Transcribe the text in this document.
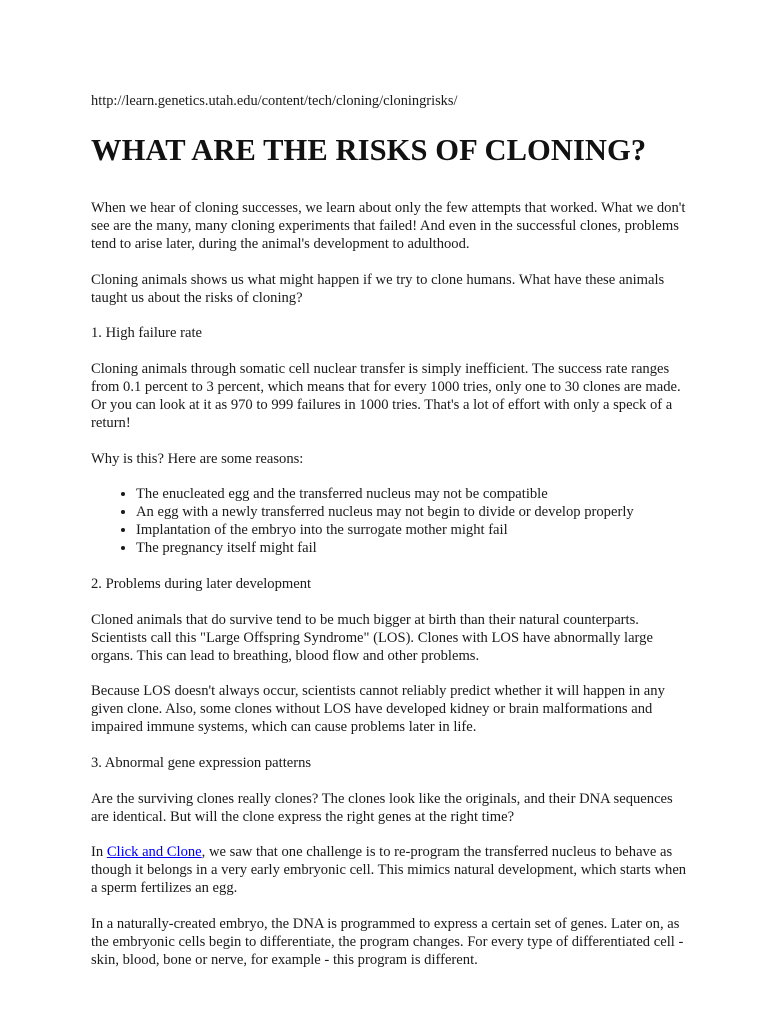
http://learn.genetics.utah.edu/content/tech/cloning/cloningrisks/

WHAT ARE THE RISKS OF CLONING?

When we hear of cloning successes, we learn about only the few attempts that worked. What we don't see are the many, many cloning experiments that failed! And even in the successful clones, problems tend to arise later, during the animal's development to adulthood.

Cloning animals shows us what might happen if we try to clone humans. What have these animals taught us about the risks of cloning?

1. High failure rate

Cloning animals through somatic cell nuclear transfer is simply inefficient. The success rate ranges from 0.1 percent to 3 percent, which means that for every 1000 tries, only one to 30 clones are made. Or you can look at it as 970 to 999 failures in 1000 tries. That's a lot of effort with only a speck of a return!

Why is this? Here are some reasons:

• The enucleated egg and the transferred nucleus may not be compatible
• An egg with a newly transferred nucleus may not begin to divide or develop properly
• Implantation of the embryo into the surrogate mother might fail
• The pregnancy itself might fail

2. Problems during later development

Cloned animals that do survive tend to be much bigger at birth than their natural counterparts. Scientists call this "Large Offspring Syndrome" (LOS). Clones with LOS have abnormally large organs. This can lead to breathing, blood flow and other problems.

Because LOS doesn't always occur, scientists cannot reliably predict whether it will happen in any given clone. Also, some clones without LOS have developed kidney or brain malformations and impaired immune systems, which can cause problems later in life.

3. Abnormal gene expression patterns

Are the surviving clones really clones? The clones look like the originals, and their DNA sequences are identical. But will the clone express the right genes at the right time?

In Click and Clone, we saw that one challenge is to re-program the transferred nucleus to behave as though it belongs in a very early embryonic cell. This mimics natural development, which starts when a sperm fertilizes an egg.

In a naturally-created embryo, the DNA is programmed to express a certain set of genes. Later on, as the embryonic cells begin to differentiate, the program changes. For every type of differentiated cell - skin, blood, bone or nerve, for example - this program is different.
